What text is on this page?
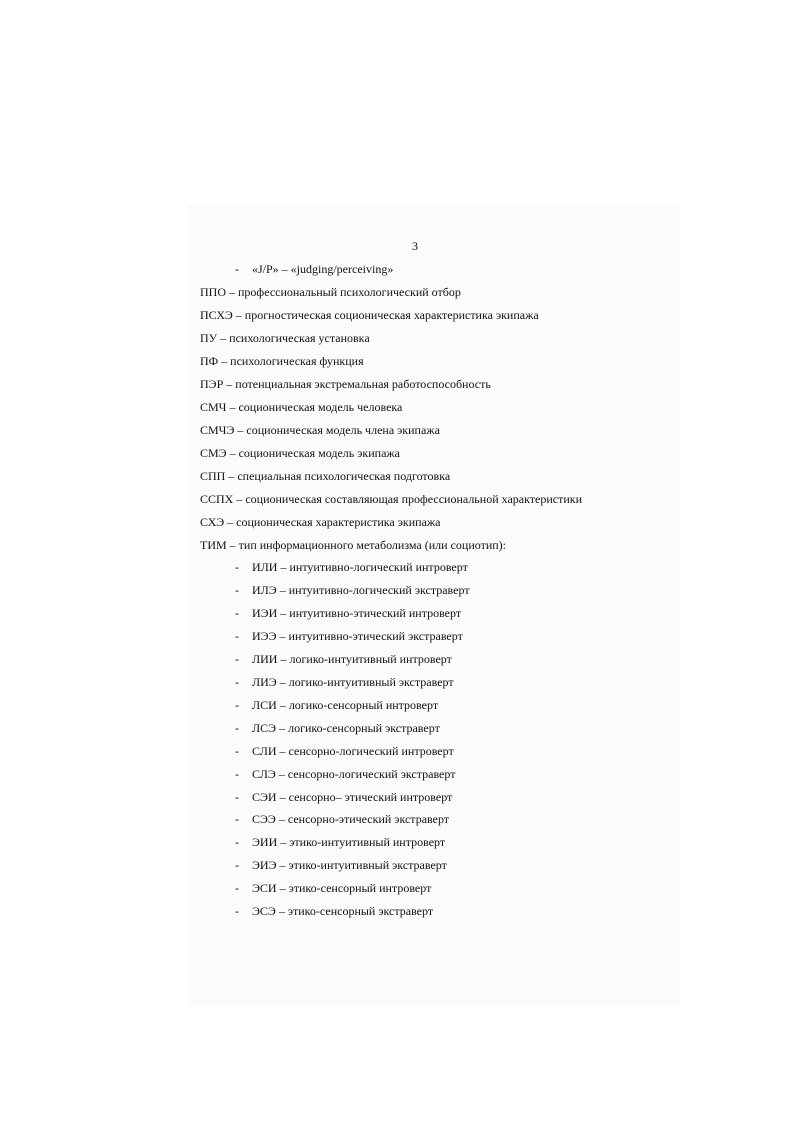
3
- «J/P» – «judging/perceiving»
ППО – профессиональный психологический отбор
ПСХЭ – прогностическая соционическая характеристика экипажа
ПУ – психологическая установка
ПФ – психологическая функция
ПЭР – потенциальная экстремальная работоспособность
СМЧ – соционическая модель человека
СМЧЭ – соционическая модель члена экипажа
СМЭ – соционическая модель экипажа
СПП – специальная психологическая подготовка
ССПХ – соционическая составляющая профессиональной характеристики
СХЭ – соционическая характеристика экипажа
ТИМ – тип информационного метаболизма (или социотип):
- ИЛИ – интуитивно-логический интроверт
- ИЛЭ – интуитивно-логический экстраверт
- ИЭИ – интуитивно-этический интроверт
- ИЭЭ – интуитивно-этический экстраверт
- ЛИИ – логико-интуитивный интроверт
- ЛИЭ – логико-интуитивный экстраверт
- ЛСИ – логико-сенсорный интроверт
- ЛСЭ – логико-сенсорный экстраверт
- СЛИ – сенсорно-логический интроверт
- СЛЭ – сенсорно-логический экстраверт
- СЭИ – сенсорно– этический интроверт
- СЭЭ – сенсорно-этический экстраверт
- ЭИИ – этико-интуитивный интроверт
- ЭИЭ – этико-интуитивный экстраверт
- ЭСИ – этико-сенсорный интроверт
- ЭСЭ – этико-сенсорный экстраверт
